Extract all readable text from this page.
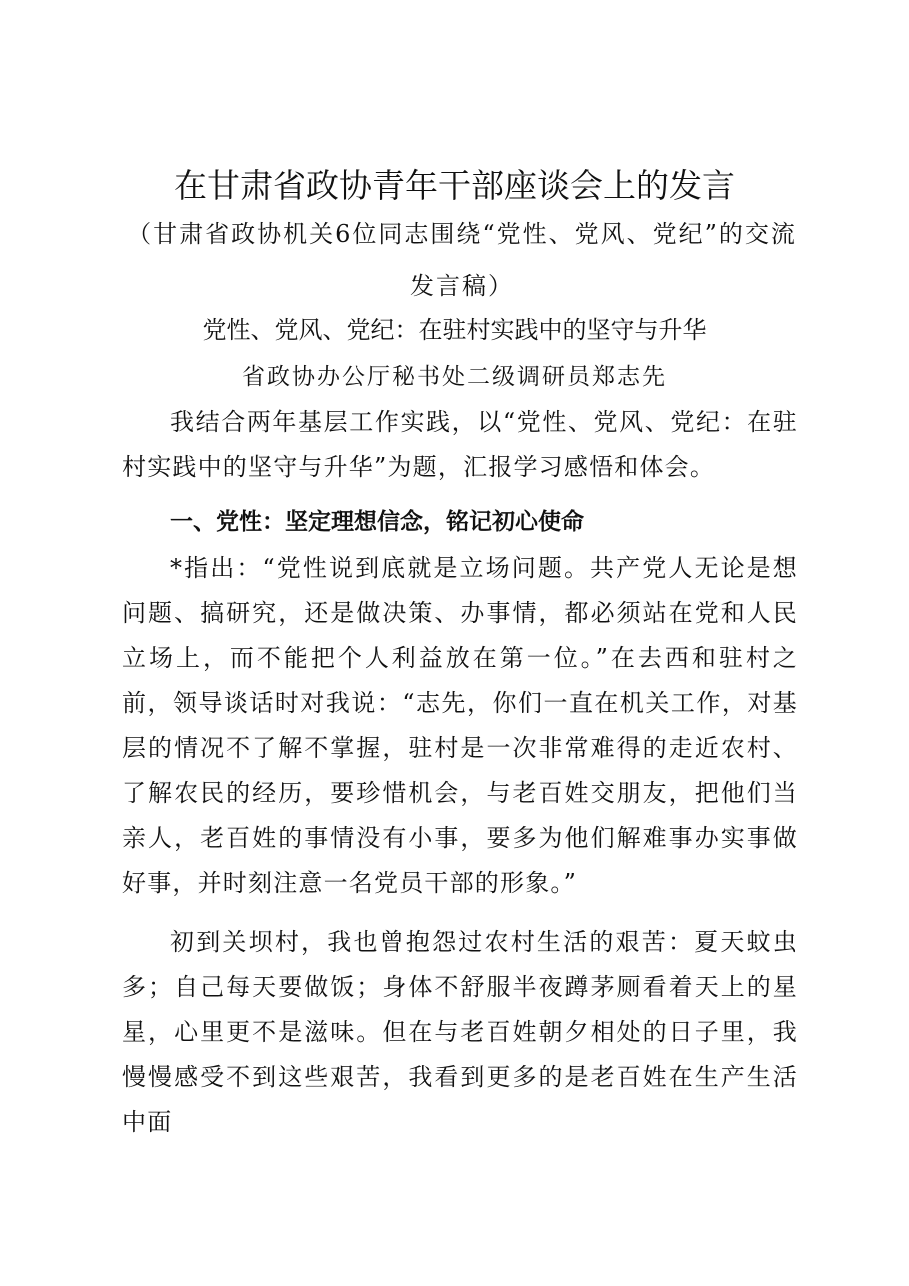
在甘肃省政协青年干部座谈会上的发言
（甘肃省政协机关6位同志围绕“党性、党风、党纪”的交流发言稿）
党性、党风、党纪：在驻村实践中的坚守与升华
省政协办公厅秘书处二级调研员郑志先

我结合两年基层工作实践，以“党性、党风、党纪：在驻村实践中的坚守与升华”为题，汇报学习感悟和体会。

一、党性：坚定理想信念，铭记初心使命

*指出：“党性说到底就是立场问题。共产党人无论是想问题、搞研究，还是做决策、办事情，都必须站在党和人民立场上，而不能把个人利益放在第一位。”在去西和驻村之前，领导谈话时对我说：“志先，你们一直在机关工作，对基层的情况不了解不掌握，驻村是一次非常难得的走近农村、了解农民的经历，要珍惜机会，与老百姓交朋友，把他们当亲人，老百姓的事情没有小事，要多为他们解难事办实事做好事，并时刻注意一名党员干部的形象。”

初到关坝村，我也曾抱怨过农村生活的艰苦：夏天蚊虫多；自己每天要做饭；身体不舒服半夜蹲茅厕看着天上的星星，心里更不是滋味。但在与老百姓朝夕相处的日子里，我慢慢感受不到这些艰苦，我看到更多的是老百姓在生产生活中面
